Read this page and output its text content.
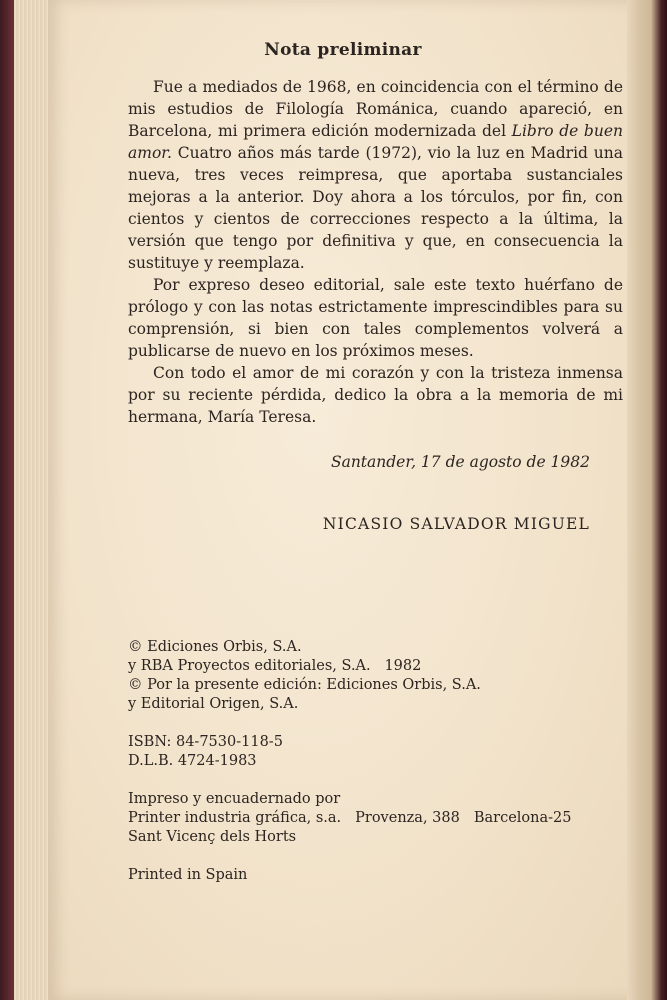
Nota preliminar

Fue a mediados de 1968, en coincidencia con el término de mis estudios de Filología Románica, cuando apareció, en Barcelona, mi primera edición modernizada del Libro de buen amor. Cuatro años más tarde (1972), vio la luz en Madrid una nueva, tres veces reimpresa, que aportaba sustanciales mejoras a la anterior. Doy ahora a los tórculos, por fin, con cientos y cientos de correcciones respecto a la última, la versión que tengo por definitiva y que, en consecuencia la sustituye y reemplaza.

Por expreso deseo editorial, sale este texto huérfano de prólogo y con las notas estrictamente imprescindibles para su comprensión, si bien con tales complementos volverá a publicarse de nuevo en los próximos meses.

Con todo el amor de mi corazón y con la tristeza inmensa por su reciente pérdida, dedico la obra a la memoria de mi hermana, María Teresa.

Santander, 17 de agosto de 1982
NICASIO SALVADOR MIGUEL
© Ediciones Orbis, S.A.
y RBA Proyectos editoriales, S.A.   1982
© Por la presente edición: Ediciones Orbis, S.A.
y Editorial Origen, S.A.
ISBN: 84-7530-118-5
D.L.B. 4724-1983
Impreso y encuadernado por
Printer industria gráfica, s.a. Provenza, 388 Barcelona-25
Sant Vicenç dels Horts
Printed in Spain
